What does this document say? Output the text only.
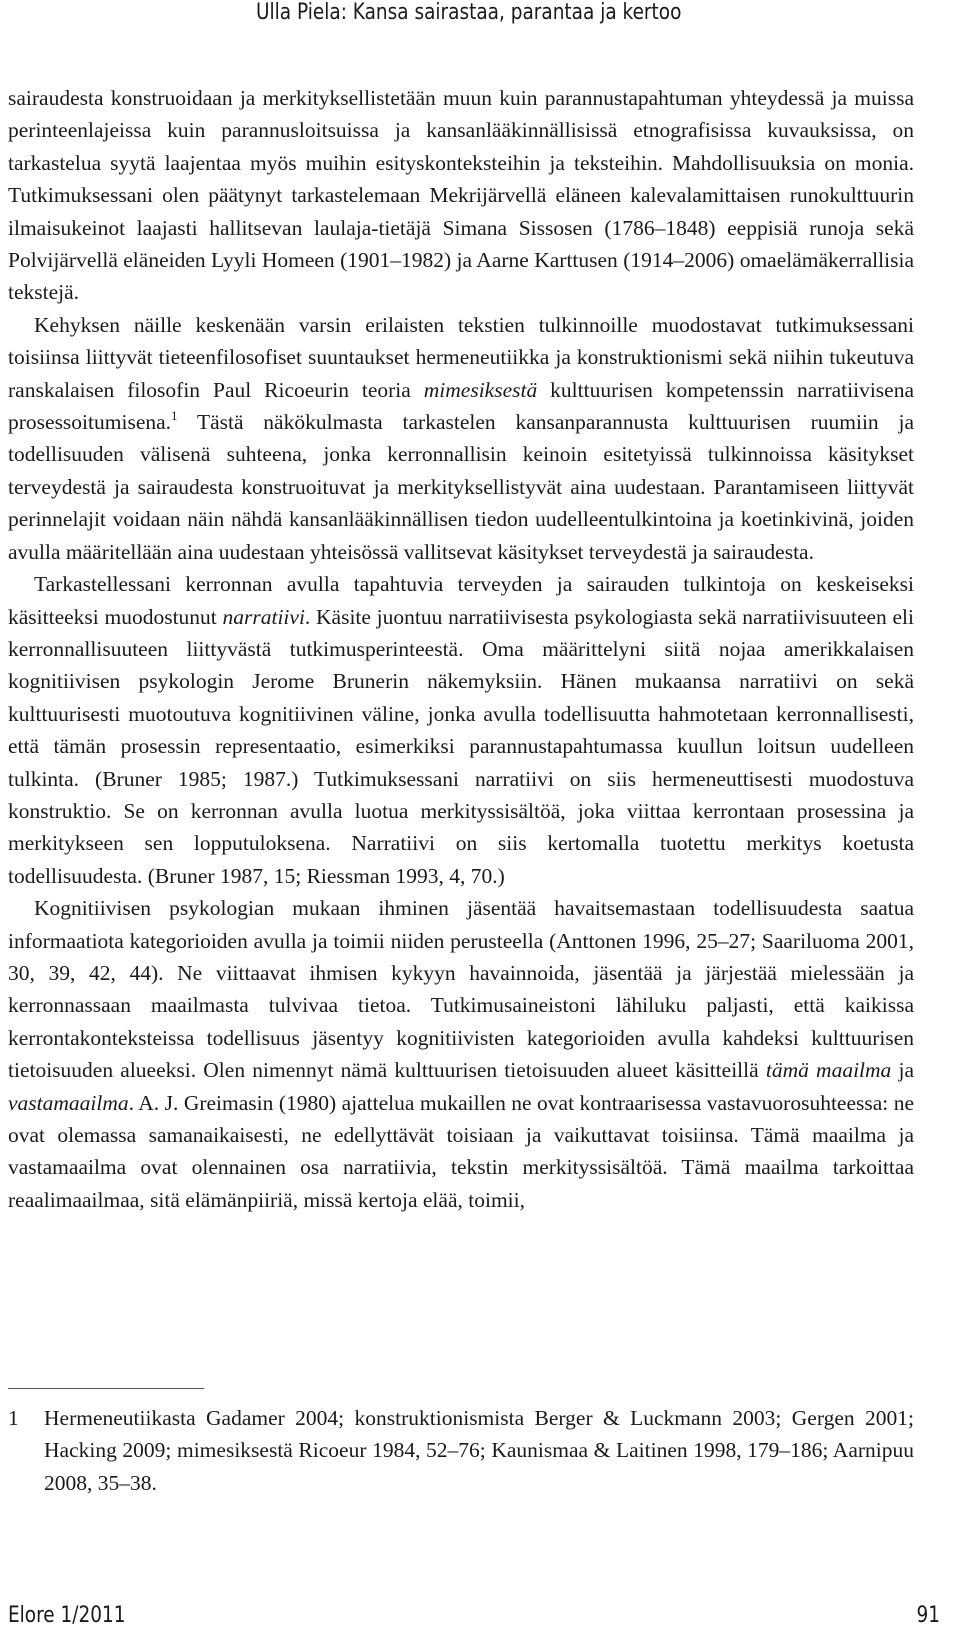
Ulla Piela: Kansa sairastaa, parantaa ja kertoo

sairaudesta konstruoidaan ja merkityksellistetään muun kuin parannustapahtuman yhteydessä ja muissa perinteenlajeissa kuin parannusloitsuissa ja kansanlääkinnällisissä etnografisissa kuvauksissa, on tarkastelua syytä laajentaa myös muihin esityskonteksteihin ja teksteihin. Mahdollisuuksia on monia. Tutkimuksessani olen päätynyt tarkastelemaan Mekrijärvellä eläneen kalevalamittaisen runokulttuurin ilmaisukeinot laajasti hallitsevan laulaja-tietäjä Simana Sissosen (1786–1848) eeppisiä runoja sekä Polvijärvellä eläneiden Lyyli Homeen (1901–1982) ja Aarne Karttusen (1914–2006) omaelämäkerrallisia tekstejä.

Kehyksen näille keskenään varsin erilaisten tekstien tulkinnoille muodostavat tutkimuksessani toisiinsa liittyvät tieteenfilosofiset suuntaukset hermeneutiikka ja konstruktionismi sekä niihin tukeutuva ranskalaisen filosofin Paul Ricoeurin teoria mimesiksestä kulttuurisen kompetenssin narratiivisena prosessoitumisena.$^1$ Tästä näkökulmasta tarkastelen kansanparannusta kulttuurisen ruumiin ja todellisuuden välisenä suhteena, jonka kerronnallisin keinoin esitetyissä tulkinnoissa käsitykset terveydestä ja sairaudesta konstruoituvat ja merkityksellistyvät aina uudestaan. Parantamiseen liittyvät perinnelajit voidaan näin nähdä kansanlääkinnällisen tiedon uudelleentulkintoina ja koetinkivinä, joiden avulla määritellään aina uudestaan yhteisössä vallitsevat käsitykset terveydestä ja sairaudesta.

Tarkastellessani kerronnan avulla tapahtuvia terveyden ja sairauden tulkintoja on keskeiseksi käsitteeksi muodostunut narratiivi. Käsite juontuu narratiivisesta psykologiasta sekä narratiivisuuteen eli kerronnallisuuteen liittyvästä tutkimusperinteestä. Oma määrittelyni siitä nojaa amerikkalaisen kognitiivisen psykologin Jerome Brunerin näkemyksiin. Hänen mukaansa narratiivi on sekä kulttuurisesti muotoutuva kognitiivinen väline, jonka avulla todellisuutta hahmotetaan kerronnallisesti, että tämän prosessin representaatio, esimerkiksi parannustapahtumassa kuullun loitsun uudelleen tulkinta. (Bruner 1985; 1987.) Tutkimuksessani narratiivi on siis hermeneuttisesti muodostuva konstruktio. Se on kerronnan avulla luotua merkityssisältöä, joka viittaa kerrontaan prosessina ja merkitykseen sen lopputuloksena. Narratiivi on siis kertomalla tuotettu merkitys koetusta todellisuudesta. (Bruner 1987, 15; Riessman 1993, 4, 70.)

Kognitiivisen psykologian mukaan ihminen jäsentää havaitsemastaan todellisuudesta saatua informaatiota kategorioiden avulla ja toimii niiden perusteella (Anttonen 1996, 25–27; Saariluoma 2001, 30, 39, 42, 44). Ne viittaavat ihmisen kykyyn havainnoida, jäsentää ja järjestää mielessään ja kerronnassaan maailmasta tulvivaa tietoa. Tutkimusaineistoni lähiluku paljasti, että kaikissa kerrontakonteksteissa todellisuus jäsentyy kognitiivisten kategorioiden avulla kahdeksi kulttuurisen tietoisuuden alueeksi. Olen nimennyt nämä kulttuurisen tietoisuuden alueet käsitteillä tämä maailma ja vastamaailma. A. J. Greimasin (1980) ajattelua mukaillen ne ovat kontraarisessa vastavuorosuhteessa: ne ovat olemassa samanaikaisesti, ne edellyttävät toisiaan ja vaikuttavat toisiinsa. Tämä maailma ja vastamaailma ovat olennainen osa narratiivia, tekstin merkityssisältöä. Tämä maailma tarkoittaa reaalimaailmaa, sitä elämänpiiriä, missä kertoja elää, toimii,

1 Hermeneutiikasta Gadamer 2004; konstruktionismista Berger & Luckmann 2003; Gergen 2001; Hacking 2009; mimesiksestä Ricoeur 1984, 52–76; Kaunismaa & Laitinen 1998, 179–186; Aarnipuu 2008, 35–38.
Elore 1/2011	91
